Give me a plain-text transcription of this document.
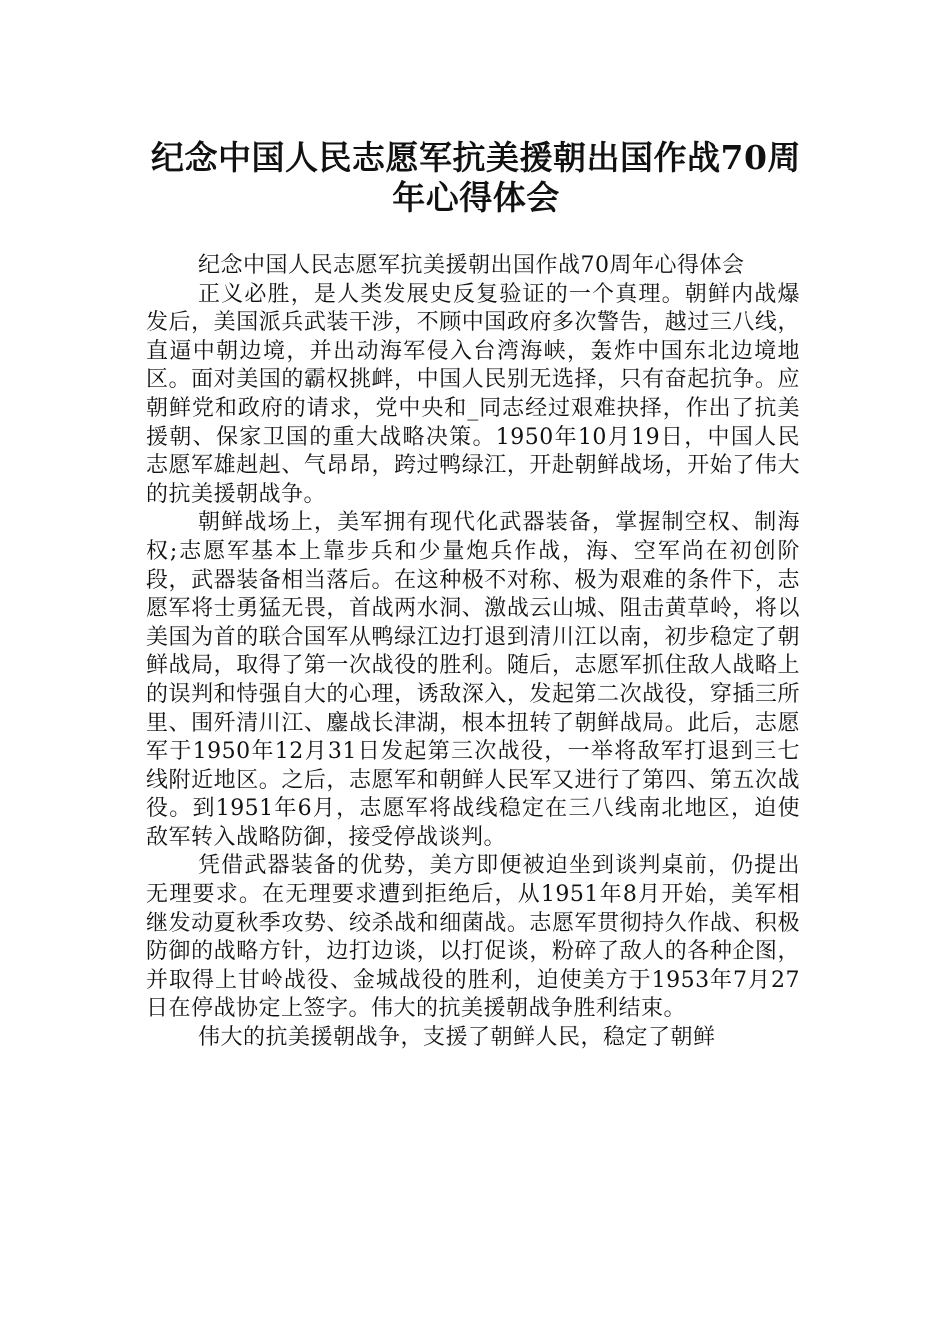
纪念中国人民志愿军抗美援朝出国作战70周年心得体会

纪念中国人民志愿军抗美援朝出国作战70周年心得体会

正义必胜，是人类发展史反复验证的一个真理。朝鲜内战爆发后，美国派兵武装干涉，不顾中国政府多次警告，越过三八线，直逼中朝边境，并出动海军侵入台湾海峡，轰炸中国东北边境地区。面对美国的霸权挑衅，中国人民别无选择，只有奋起抗争。应朝鲜党和政府的请求，党中央和_同志经过艰难抉择，作出了抗美援朝、保家卫国的重大战略决策。1950年10月19日，中国人民志愿军雄赳赳、气昂昂，跨过鸭绿江，开赴朝鲜战场，开始了伟大的抗美援朝战争。

朝鲜战场上，美军拥有现代化武器装备，掌握制空权、制海权;志愿军基本上靠步兵和少量炮兵作战，海、空军尚在初创阶段，武器装备相当落后。在这种极不对称、极为艰难的条件下，志愿军将士勇猛无畏，首战两水洞、激战云山城、阻击黄草岭，将以美国为首的联合国军从鸭绿江边打退到清川江以南，初步稳定了朝鲜战局，取得了第一次战役的胜利。随后，志愿军抓住敌人战略上的误判和恃强自大的心理，诱敌深入，发起第二次战役，穿插三所里、围歼清川江、鏖战长津湖，根本扭转了朝鲜战局。此后，志愿军于1950年12月31日发起第三次战役，一举将敌军打退到三七线附近地区。之后，志愿军和朝鲜人民军又进行了第四、第五次战役。到1951年6月，志愿军将战线稳定在三八线南北地区，迫使敌军转入战略防御，接受停战谈判。

凭借武器装备的优势，美方即便被迫坐到谈判桌前，仍提出无理要求。在无理要求遭到拒绝后，从1951年8月开始，美军相继发动夏秋季攻势、绞杀战和细菌战。志愿军贯彻持久作战、积极防御的战略方针，边打边谈，以打促谈，粉碎了敌人的各种企图，并取得上甘岭战役、金城战役的胜利，迫使美方于1953年7月27日在停战协定上签字。伟大的抗美援朝战争胜利结束。

伟大的抗美援朝战争，支援了朝鲜人民，稳定了朝鲜
